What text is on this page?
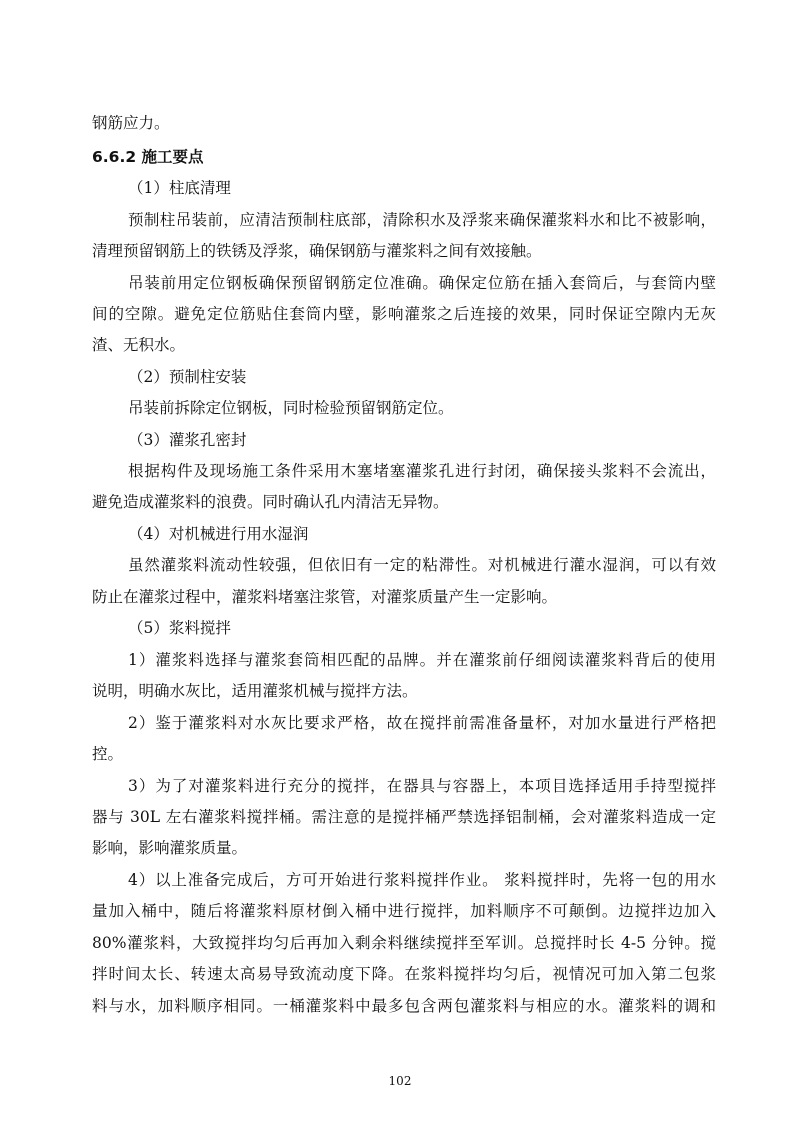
钢筋应力。
6.6.2 施工要点
（1）柱底清理
预制柱吊装前，应清洁预制柱底部，清除积水及浮浆来确保灌浆料水和比不被影响，
清理预留钢筋上的铁锈及浮浆，确保钢筋与灌浆料之间有效接触。
吊装前用定位钢板确保预留钢筋定位准确。确保定位筋在插入套筒后，与套筒内壁
间的空隙。避免定位筋贴住套筒内壁，影响灌浆之后连接的效果，同时保证空隙内无灰
渣、无积水。
（2）预制柱安装
吊装前拆除定位钢板，同时检验预留钢筋定位。
（3）灌浆孔密封
根据构件及现场施工条件采用木塞堵塞灌浆孔进行封闭，确保接头浆料不会流出，
避免造成灌浆料的浪费。同时确认孔内清洁无异物。
（4）对机械进行用水湿润
虽然灌浆料流动性较强，但依旧有一定的粘滞性。对机械进行灌水湿润，可以有效
防止在灌浆过程中，灌浆料堵塞注浆管，对灌浆质量产生一定影响。
（5）浆料搅拌
1）灌浆料选择与灌浆套筒相匹配的品牌。并在灌浆前仔细阅读灌浆料背后的使用
说明，明确水灰比，适用灌浆机械与搅拌方法。
2）鉴于灌浆料对水灰比要求严格，故在搅拌前需准备量杯，对加水量进行严格把
控。
3）为了对灌浆料进行充分的搅拌，在器具与容器上，本项目选择适用手持型搅拌
器与 30L 左右灌浆料搅拌桶。需注意的是搅拌桶严禁选择铝制桶，会对灌浆料造成一定
影响，影响灌浆质量。
4）以上准备完成后，方可开始进行浆料搅拌作业。 浆料搅拌时，先将一包的用水
量加入桶中，随后将灌浆料原材倒入桶中进行搅拌，加料顺序不可颠倒。边搅拌边加入
80%灌浆料，大致搅拌均匀后再加入剩余料继续搅拌至军训。总搅拌时长 4-5 分钟。搅
拌时间太长、转速太高易导致流动度下降。在浆料搅拌均匀后，视情况可加入第二包浆
料与水，加料顺序相同。一桶灌浆料中最多包含两包灌浆料与相应的水。灌浆料的调和
102
